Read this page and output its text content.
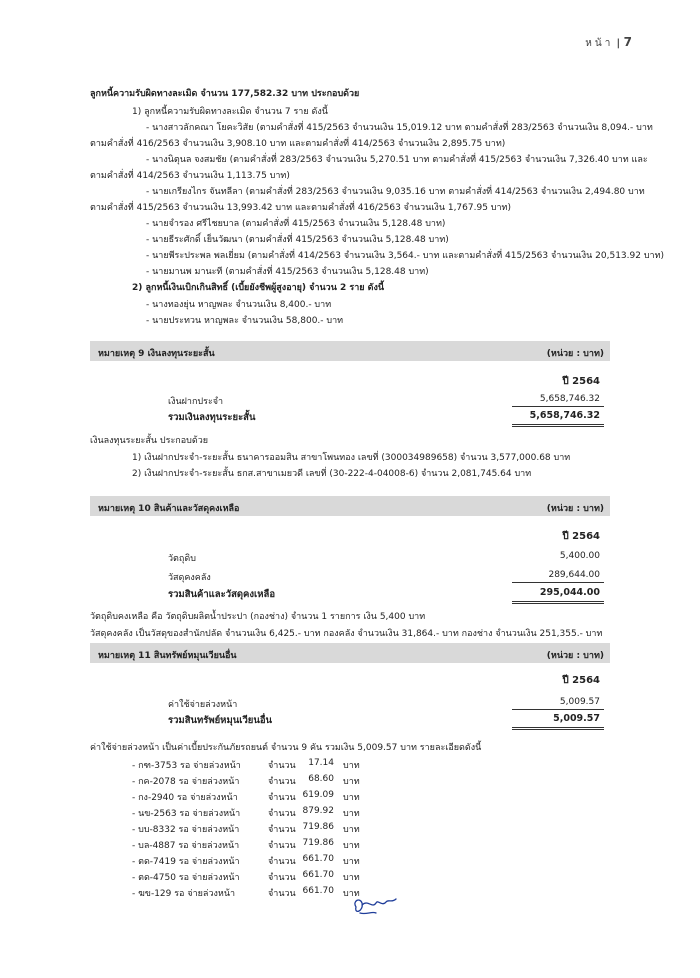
หน้า | 7
ลูกหนี้ความรับผิดทางละเมิด จำนวน 177,582.32 บาท ประกอบด้วย
1) ลูกหนี้ความรับผิดทางละเมิด จำนวน 7 ราย ดังนี้
- นางสาวลักคณา โยคะวิสัย (ตามคำสั่งที่ 415/2563 จำนวนเงิน 15,019.12 บาท ตามคำสั่งที่ 283/2563 จำนวนเงิน 8,094.- บาท
ตามคำสั่งที่ 416/2563 จำนวนเงิน 3,908.10 บาท และตามคำสั่งที่ 414/2563 จำนวนเงิน 2,895.75 บาท)
- นางนิตุนล จงสมชัย (ตามคำสั่งที่ 283/2563 จำนวนเงิน 5,270.51 บาท ตามคำสั่งที่ 415/2563 จำนวนเงิน 7,326.40 บาท และ
ตามคำสั่งที่ 414/2563 จำนวนเงิน 1,113.75 บาท)
- นายเกรียงไกร จันทลีลา (ตามคำสั่งที่ 283/2563 จำนวนเงิน 9,035.16 บาท ตามคำสั่งที่ 414/2563 จำนวนเงิน 2,494.80 บาท
ตามคำสั่งที่ 415/2563 จำนวนเงิน 13,993.42 บาท และตามคำสั่งที่ 416/2563 จำนวนเงิน 1,767.95 บาท)
- นายจำรอง ศรีไชยบาล (ตามคำสั่งที่ 415/2563 จำนวนเงิน 5,128.48 บาท)
- นายธีระศักดิ์ เย็นวัฒนา (ตามคำสั่งที่ 415/2563 จำนวนเงิน 5,128.48 บาท)
- นายพีระประพล พลเยี่ยม (ตามคำสั่งที่ 414/2563 จำนวนเงิน 3,564.- บาท และตามคำสั่งที่ 415/2563 จำนวนเงิน 20,513.92 บาท)
- นายมานพ มานะที (ตามคำสั่งที่ 415/2563 จำนวนเงิน 5,128.48 บาท)
2) ลูกหนี้เงินเบิกเกินสิทธิ์ (เบี้ยยังชีพผู้สูงอายุ) จำนวน 2 ราย ดังนี้
- นางทองยุ่น หาญพละ จำนวนเงิน 8,400.- บาท
- นายประทวน หาญพละ จำนวนเงิน 58,800.- บาท
หมายเหตุ 9 เงินลงทุนระยะสั้น	(หน่วย : บาท)
ปี 2564
เงินฝากประจำ	5,658,746.32
รวมเงินลงทุนระยะสั้น	5,658,746.32
เงินลงทุนระยะสั้น ประกอบด้วย
1) เงินฝากประจำ-ระยะสั้น ธนาคารออมสิน สาขาโพนทอง เลขที่ (300034989658) จำนวน 3,577,000.68 บาท
2) เงินฝากประจำ-ระยะสั้น ธกส.สาขาเมยวดี เลขที่ (30-222-4-04008-6) จำนวน 2,081,745.64 บาท
หมายเหตุ 10 สินค้าและวัสดุคงเหลือ	(หน่วย : บาท)
ปี 2564
วัตถุดิบ	5,400.00
วัสดุคงคลัง	289,644.00
รวมสินค้าและวัสดุคงเหลือ	295,044.00
วัตถุดิบคงเหลือ คือ วัตถุดิบผลิตน้ำประปา (กองช่าง) จำนวน 1 รายการ เงิน 5,400 บาท
วัสดุคงคลัง เป็นวัสดุของสำนักปลัด จำนวนเงิน 6,425.- บาท กองคลัง จำนวนเงิน 31,864.- บาท กองช่าง จำนวนเงิน 251,355.- บาท
หมายเหตุ 11 สินทรัพย์หมุนเวียนอื่น	(หน่วย : บาท)
ปี 2564
ค่าใช้จ่ายล่วงหน้า	5,009.57
รวมสินทรัพย์หมุนเวียนอื่น	5,009.57
ค่าใช้จ่ายล่วงหน้า เป็นค่าเบี้ยประกันภัยรถยนต์ จำนวน 9 คัน รวมเงิน 5,009.57 บาท รายละเอียดดังนี้
- กฑ-3753 รอ จ่ายล่วงหน้า	จำนวน 17.14 บาท
- กค-2078 รอ จ่ายล่วงหน้า	จำนวน 68.60 บาท
- กง-2940 รอ จ่ายล่วงหน้า	จำนวน 619.09 บาท
- นข-2563 รอ จ่ายล่วงหน้า	จำนวน 879.92 บาท
- บบ-8332 รอ จ่ายล่วงหน้า	จำนวน 719.86 บาท
- บล-4887 รอ จ่ายล่วงหน้า	จำนวน 719.86 บาท
- ตด-7419 รอ จ่ายล่วงหน้า	จำนวน 661.70 บาท
- ตด-4750 รอ จ่ายล่วงหน้า	จำนวน 661.70 บาท
- ฆข-129 รอ จ่ายล่วงหน้า	จำนวน 661.70 บาท
